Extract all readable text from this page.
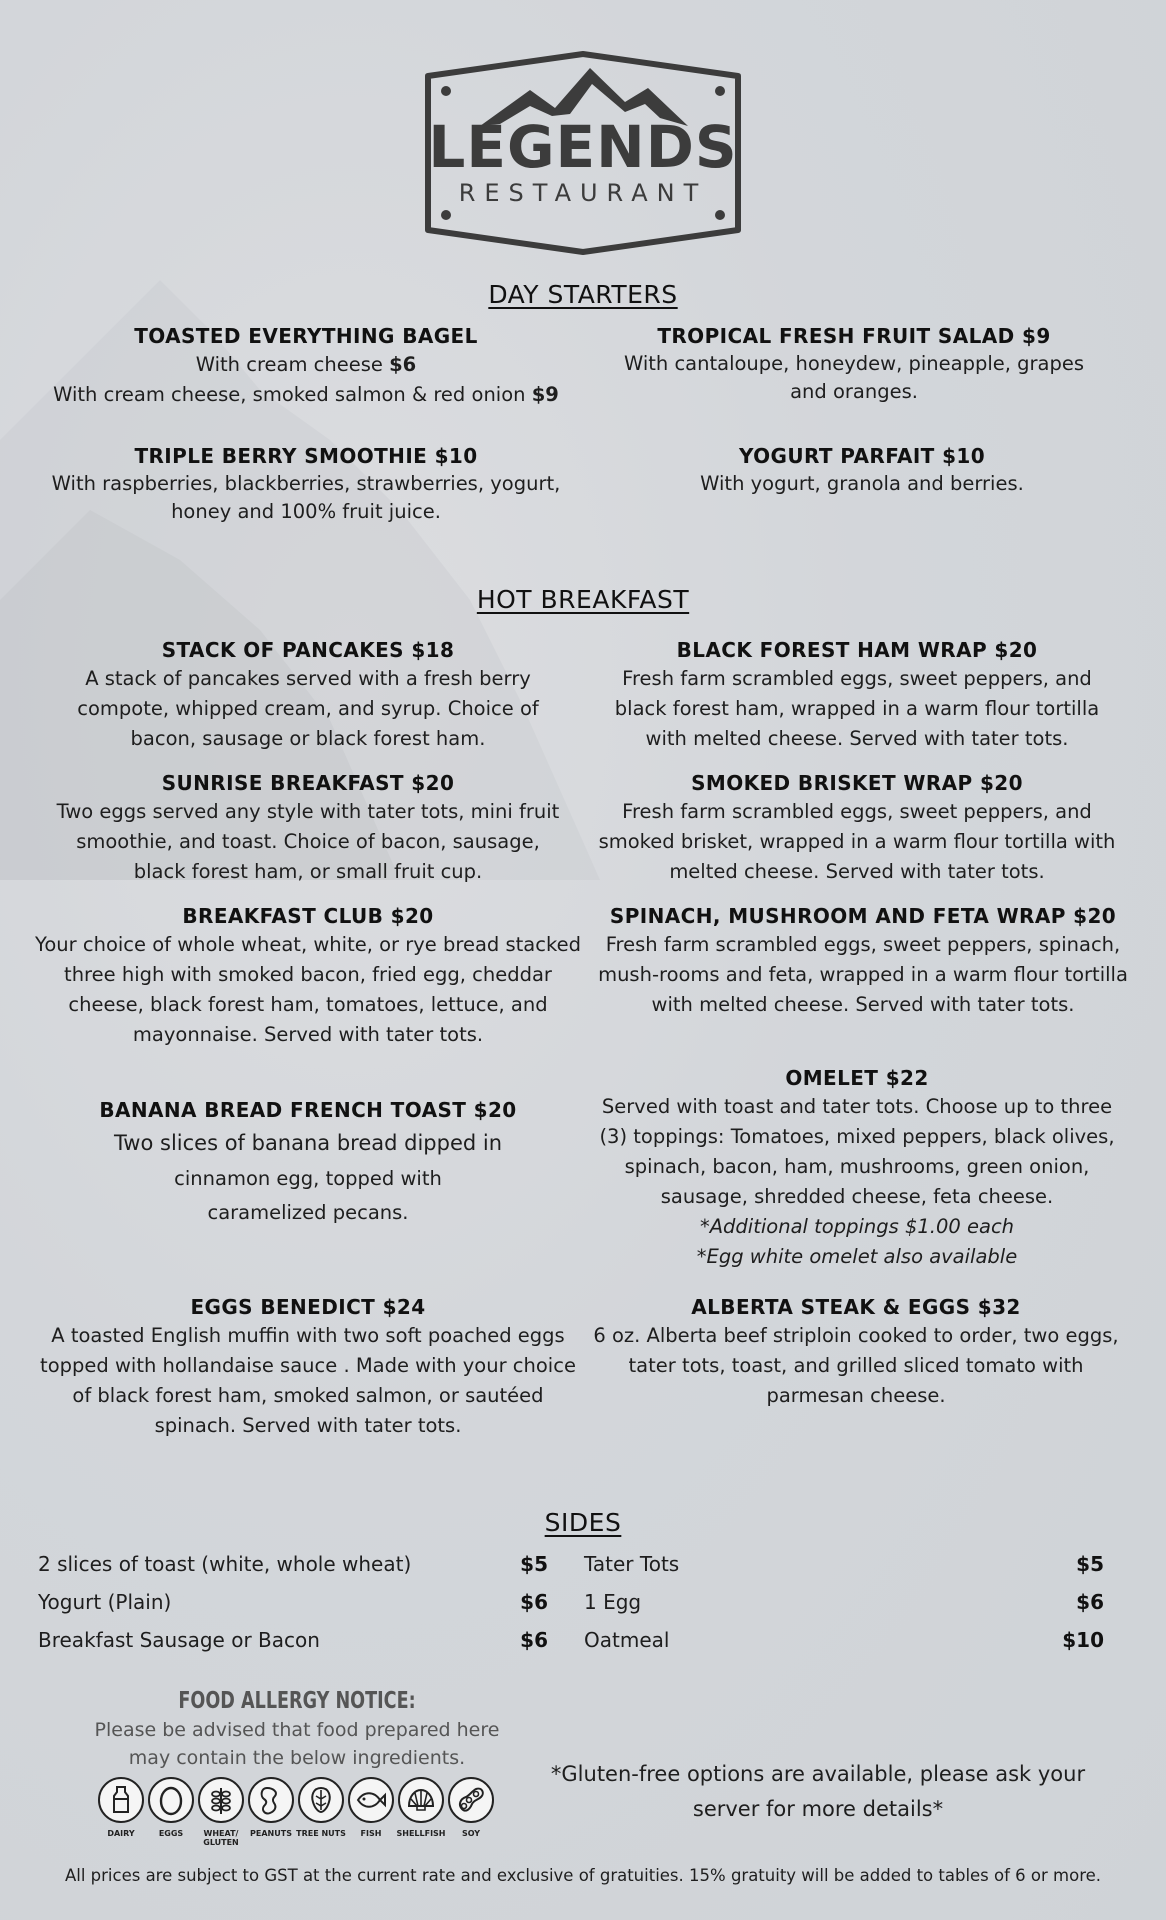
LEGENDS
RESTAURANT
DAY STARTERS
TOASTED EVERYTHING BAGEL
With cream cheese $6
With cream cheese, smoked salmon & red onion $9
TROPICAL FRESH FRUIT SALAD $9
With cantaloupe, honeydew, pineapple, grapes and oranges.
TRIPLE BERRY SMOOTHIE $10
With raspberries, blackberries, strawberries, yogurt, honey and 100% fruit juice.
YOGURT PARFAIT $10
With yogurt, granola and berries.
HOT BREAKFAST
STACK OF PANCAKES $18
A stack of pancakes served with a fresh berry compote, whipped cream, and syrup. Choice of bacon, sausage or black forest ham.
BLACK FOREST HAM WRAP $20
Fresh farm scrambled eggs, sweet peppers, and black forest ham, wrapped in a warm flour tortilla with melted cheese. Served with tater tots.
SUNRISE BREAKFAST $20
Two eggs served any style with tater tots, mini fruit smoothie, and toast. Choice of bacon, sausage, black forest ham, or small fruit cup.
SMOKED BRISKET WRAP $20
Fresh farm scrambled eggs, sweet peppers, and smoked brisket, wrapped in a warm flour tortilla with melted cheese. Served with tater tots.
BREAKFAST CLUB $20
Your choice of whole wheat, white, or rye bread stacked three high with smoked bacon, fried egg, cheddar cheese, black forest ham, tomatoes, lettuce, and mayonnaise. Served with tater tots.
SPINACH, MUSHROOM AND FETA WRAP $20
Fresh farm scrambled eggs, sweet peppers, spinach, mush-rooms and feta, wrapped in a warm flour tortilla with melted cheese. Served with tater tots.
OMELET $22
Served with toast and tater tots. Choose up to three (3) toppings: Tomatoes, mixed peppers, black olives, spinach, bacon, ham, mushrooms, green onion, sausage, shredded cheese, feta cheese.
*Additional toppings $1.00 each
*Egg white omelet also available
BANANA BREAD FRENCH TOAST $20
Two slices of banana bread dipped in
cinnamon egg, topped with
caramelized pecans.
EGGS BENEDICT $24
A toasted English muffin with two soft poached eggs topped with hollandaise sauce . Made with your choice of black forest ham, smoked salmon, or sautéed spinach. Served with tater tots.
ALBERTA STEAK & EGGS $32
6 oz. Alberta beef striploin cooked to order, two eggs, tater tots, toast, and grilled sliced tomato with parmesan cheese.
SIDES
2 slices of toast (white, whole wheat)	$5
Yogurt (Plain)	$6
Breakfast Sausage or Bacon	$6
Tater Tots	$5
1 Egg	$6
Oatmeal	$10
FOOD ALLERGY NOTICE:
Please be advised that food prepared here
may contain the below ingredients.
DAIRY	EGGS	WHEAT/ GLUTEN
PEANUTS TREE NUTS	FISH	SHELLFISH	SOY
*Gluten-free options are available, please ask your
server for more details*
All prices are subject to GST at the current rate and exclusive of gratuities. 15% gratuity will be added to tables of 6 or more.
